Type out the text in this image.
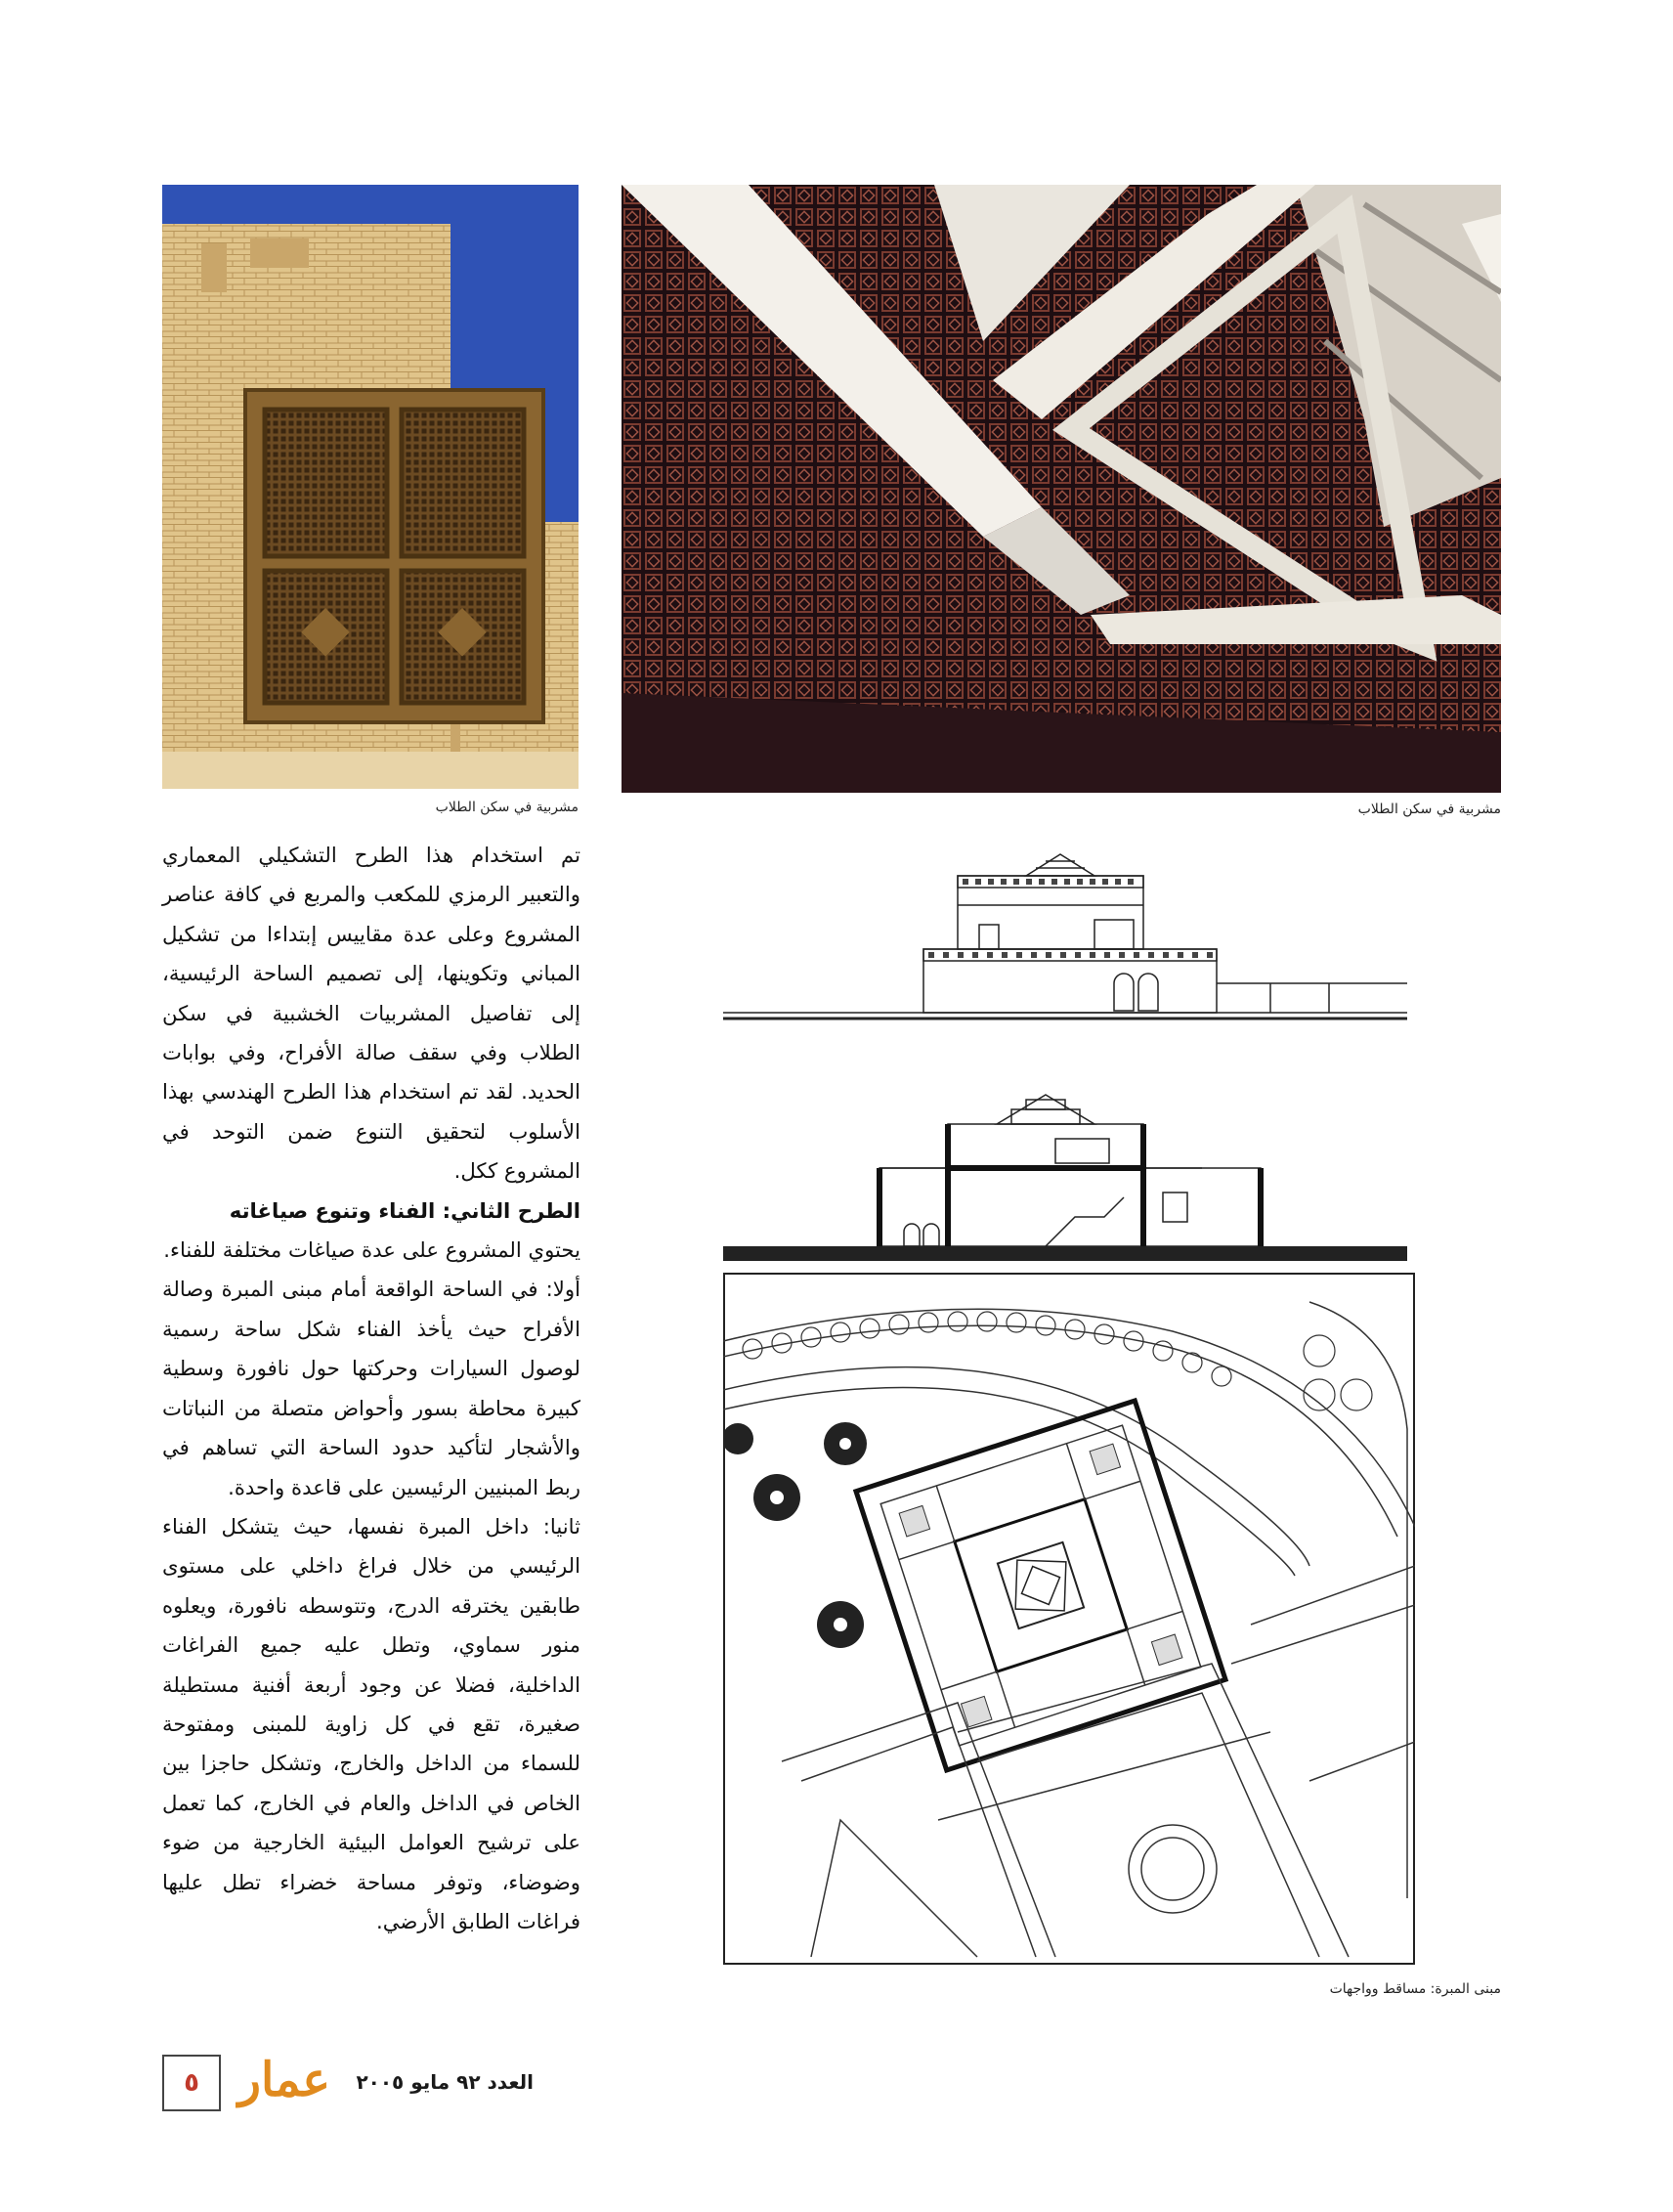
مشربية في سكن الطلاب	مشربية في سكن الطلاب

تم استخدام هذا الطرح التشكيلي المعماري والتعبير الرمزي للمكعب والمربع في كافة عناصر المشروع وعلى عدة مقاييس إبتداءا من تشكيل المباني وتكوينها، إلى تصميم الساحة الرئيسية، إلى تفاصيل المشربيات الخشبية في سكن الطلاب وفي سقف صالة الأفراح، وفي بوابات الحديد. لقد تم استخدام هذا الطرح الهندسي بهذا الأسلوب لتحقيق التنوع ضمن التوحد في المشروع ككل.

الطرح الثاني: الفناء وتنوع صياغاته

يحتوي المشروع على عدة صياغات مختلفة للفناء.

أولا: في الساحة الواقعة أمام مبنى المبرة وصالة الأفراح حيث يأخذ الفناء شكل ساحة رسمية لوصول السيارات وحركتها حول نافورة وسطية كبيرة محاطة بسور وأحواض متصلة من النباتات والأشجار لتأكيد حدود الساحة التي تساهم في ربط المبنيين الرئيسين على قاعدة واحدة.

ثانيا: داخل المبرة نفسها، حيث يتشكل الفناء الرئيسي من خلال فراغ داخلي على مستوى طابقين يخترقه الدرج، وتتوسطه نافورة، ويعلوه منور سماوي، وتطل عليه جميع الفراغات الداخلية، فضلا عن وجود أربعة أفنية مستطيلة صغيرة، تقع في كل زاوية للمبنى ومفتوحة للسماء من الداخل والخارج، وتشكل حاجزا بين الخاص في الداخل والعام في الخارج، كما تعمل على ترشيح العوامل البيئية الخارجية من ضوء وضوضاء، وتوفر مساحة خضراء تطل عليها فراغات الطابق الأرضي.

مبنى المبرة: مساقط وواجهات
٥ عمار	العدد ٩٢ مايو ٢٠٠٥
